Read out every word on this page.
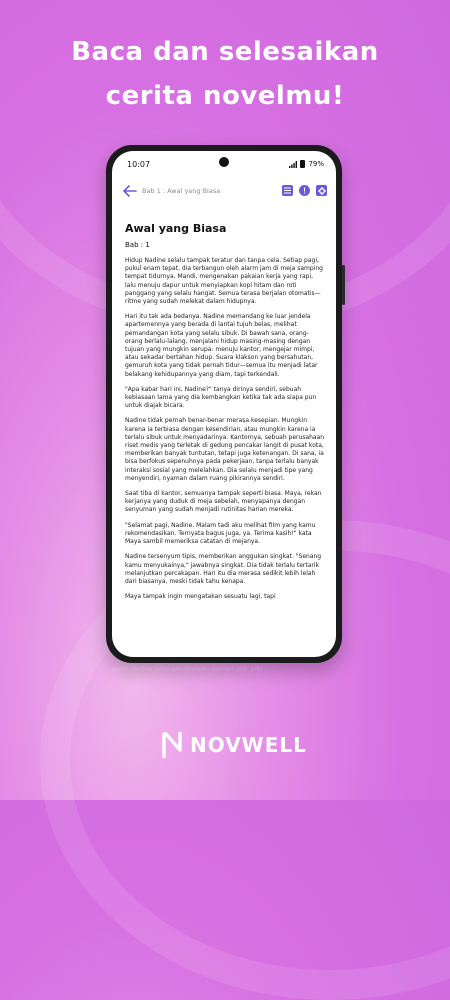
Baca dan selesaikan
cerita novelmu!
10:07	79%
Bab 1 : Awal yang Biasa
Awal yang Biasa
Bab : 1

Hidup Nadine selalu tampak teratur dan tanpa cela. Setiap pagi, pukul enam tepat, dia terbangun oleh alarm jam di meja samping tempat tidurnya. Mandi, mengenakan pakaian kerja yang rapi, lalu menuju dapur untuk menyiapkan kopi hitam dan roti panggang yang selalu hangat. Semua terasa berjalan otomatis—ritme yang sudah melekat dalam hidupnya.

Hari itu tak ada bedanya. Nadine memandang ke luar jendela apartemennya yang berada di lantai tujuh belas, melihat pemandangan kota yang selalu sibuk. Di bawah sana, orang-orang berlalu-lalang, menjalani hidup masing-masing dengan tujuan yang mungkin serupa: menuju kantor, mengejar mimpi, atau sekadar bertahan hidup. Suara klakson yang bersahutan, gemuruh kota yang tidak pernah tidur—semua itu menjadi latar belakang kehidupannya yang diam, tapi terkendali.

"Apa kabar hari ini, Nadine?" tanya dirinya sendiri, sebuah kebiasaan lama yang dia kembangkan ketika tak ada siapa pun untuk diajak bicara.

Nadine tidak pernah benar-benar merasa kesepian. Mungkin karena ia terbiasa dengan kesendirian, atau mungkin karena ia terlalu sibuk untuk menyadarinya. Kantornya, sebuah perusahaan riset medis yang terletak di gedung pencakar langit di pusat kota, memberikan banyak tuntutan, tetapi juga ketenangan. Di sana, ia bisa berfokus sepenuhnya pada pekerjaan, tanpa terlalu banyak interaksi sosial yang melelahkan. Dia selalu menjadi tipe yang menyendiri, nyaman dalam ruang pikirannya sendiri.

Saat tiba di kantor, semuanya tampak seperti biasa. Maya, rekan kerjanya yang duduk di meja sebelah, menyapanya dengan senyuman yang sudah menjadi rutinitas harian mereka.

"Selamat pagi, Nadine. Malam tadi aku melihat film yang kamu rekomendasikan. Ternyata bagus juga, ya. Terima kasih!" kata Maya sambil memeriksa catatan di mejanya.

Nadine tersenyum tipis, memberikan anggukan singkat. "Senang kamu menyukainya," jawabnya singkat. Dia tidak terlalu tertarik melanjutkan percakapan. Hari itu dia merasa sedikit lebih lelah dari biasanya, meski tidak tahu kenapa.

Maya tampak ingin mengatakan sesuatu lagi, tapi

Maya tampak ingin mengatakan sesuatu lagi, tapi
NOVWELL
